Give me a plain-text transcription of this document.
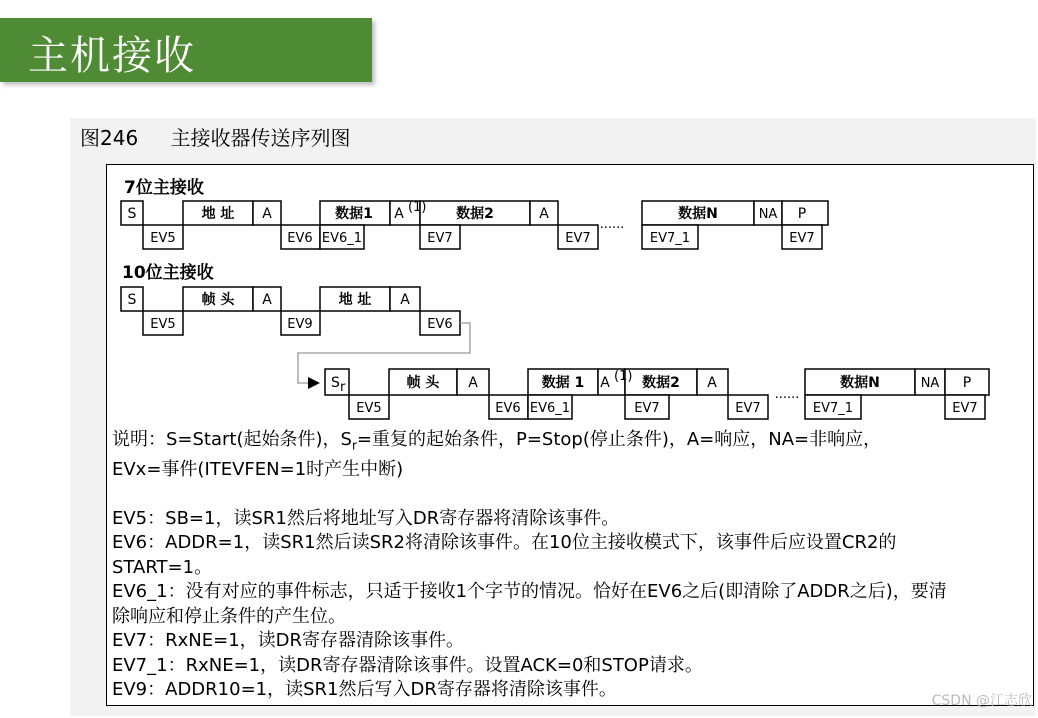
主机接收
图246 主接收器传送序列图
7位主接收
S	地 址 A	数据1 A (1) 数据2	A	数据N	NA P
......
EV5	EV6 EV6_1	EV7	EV7	EV7_1	EV7
10位主接收
S	帧 头 A	地 址 A
EV5	EV9	EV6
S r	帧 头 A	数据 1 A (1) 数据2 A	数据N	NA P
......
EV5	EV6 EV6_1	EV7	EV7	EV7_1	EV7

说明：S=Start(起始条件)，$S_r=$重复的起始条件，P=Stop(停止条件)，A=响应，NA=非响应，

EVx=事件(ITEVFEN=1时产生中断)

EV5：SB=1，读SR1然后将地址写入DR寄存器将清除该事件。

EV6：ADDR=1，读SR1然后读SR2将清除该事件。在10位主接收模式下，该事件后应设置CR2的

START=1。

EV6_1：没有对应的事件标志，只适于接收1个字节的情况。恰好在EV6之后(即清除了ADDR之后)，要清

除响应和停止条件的产生位。

EV7：RxNE=1，读DR寄存器清除该事件。

EV7_1：RxNE=1，读DR寄存器清除该事件。设置ACK=0和STOP请求。

EV9：ADDR10=1，读SR1然后写入DR寄存器将清除该事件。

CSDN @江志欣
